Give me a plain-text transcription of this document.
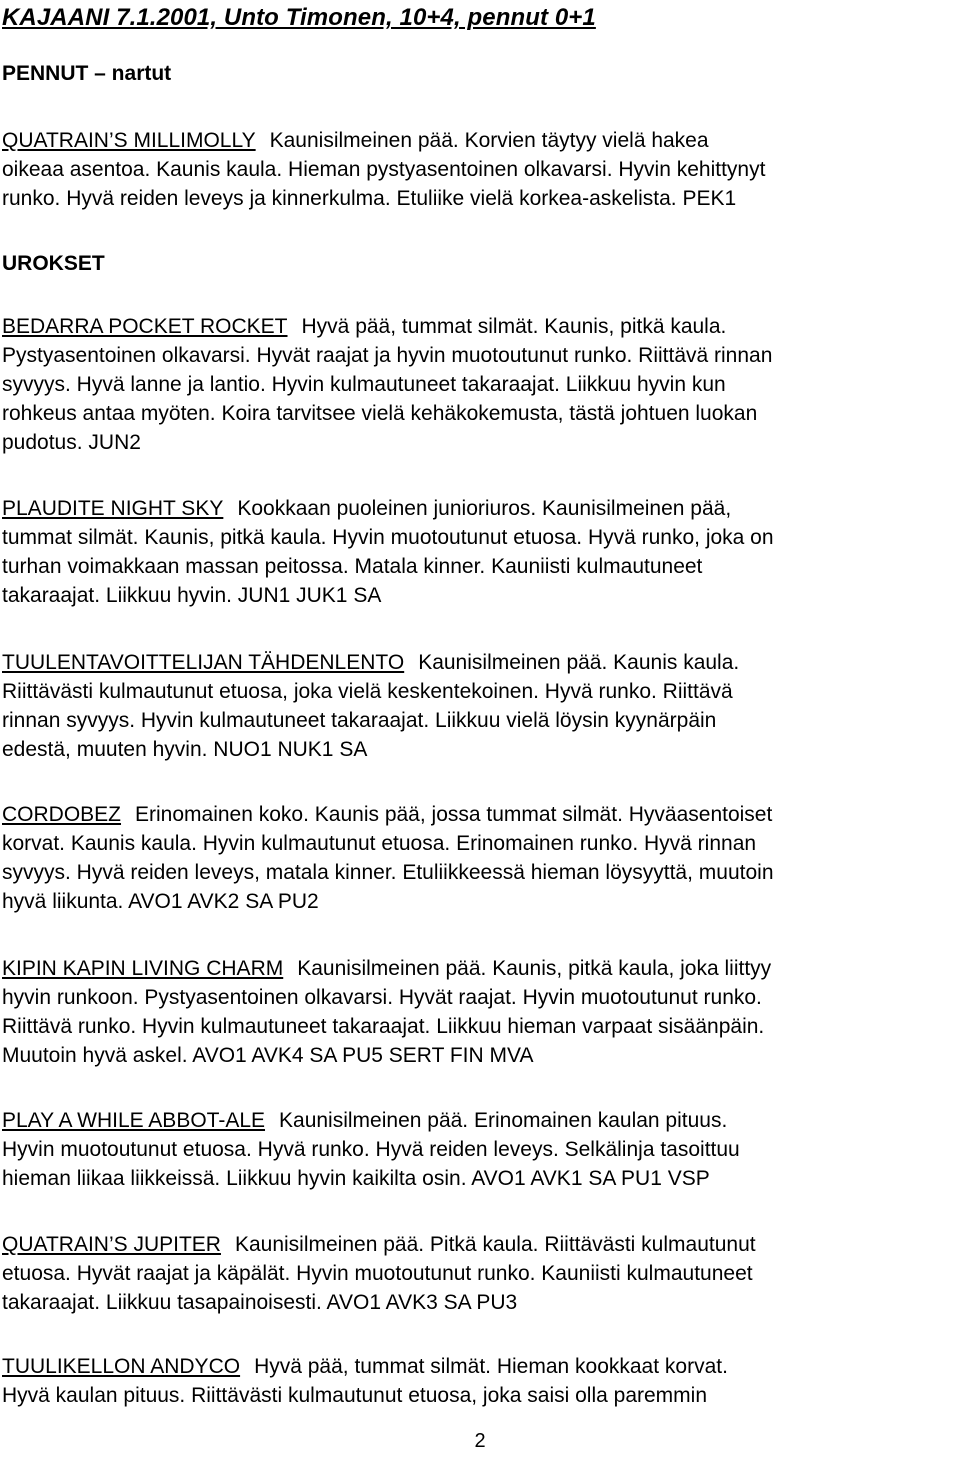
KAJAANI 7.1.2001, Unto Timonen, 10+4, pennut 0+1
PENNUT – nartut
QUATRAIN’S MILLIMOLLY Kaunisilmeinen pää. Korvien täytyy vielä hakea
oikeaa asentoa. Kaunis kaula. Hieman pystyasentoinen olkavarsi. Hyvin kehittynyt
runko. Hyvä reiden leveys ja kinnerkulma. Etuliike vielä korkea-askelista. PEK1
UROKSET
BEDARRA POCKET ROCKET Hyvä pää, tummat silmät. Kaunis, pitkä kaula.
Pystyasentoinen olkavarsi. Hyvät raajat ja hyvin muotoutunut runko. Riittävä rinnan
syvyys. Hyvä lanne ja lantio. Hyvin kulmautuneet takaraajat. Liikkuu hyvin kun
rohkeus antaa myöten. Koira tarvitsee vielä kehäkokemusta, tästä johtuen luokan
pudotus. JUN2
PLAUDITE NIGHT SKY Kookkaan puoleinen junioriuros. Kaunisilmeinen pää,
tummat silmät. Kaunis, pitkä kaula. Hyvin muotoutunut etuosa. Hyvä runko, joka on
turhan voimakkaan massan peitossa. Matala kinner. Kauniisti kulmautuneet
takaraajat. Liikkuu hyvin. JUN1 JUK1 SA
TUULENTAVOITTELIJAN TÄHDENLENTO Kaunisilmeinen pää. Kaunis kaula.
Riittävästi kulmautunut etuosa, joka vielä keskentekoinen. Hyvä runko. Riittävä
rinnan syvyys. Hyvin kulmautuneet takaraajat. Liikkuu vielä löysin kyynärpäin
edestä, muuten hyvin. NUO1 NUK1 SA
CORDOBEZ Erinomainen koko. Kaunis pää, jossa tummat silmät. Hyväasentoiset
korvat. Kaunis kaula. Hyvin kulmautunut etuosa. Erinomainen runko. Hyvä rinnan
syvyys. Hyvä reiden leveys, matala kinner. Etuliikkeessä hieman löysyyttä, muutoin
hyvä liikunta. AVO1 AVK2 SA PU2
KIPIN KAPIN LIVING CHARM Kaunisilmeinen pää. Kaunis, pitkä kaula, joka liittyy
hyvin runkoon. Pystyasentoinen olkavarsi. Hyvät raajat. Hyvin muotoutunut runko.
Riittävä runko. Hyvin kulmautuneet takaraajat. Liikkuu hieman varpaat sisäänpäin.
Muutoin hyvä askel. AVO1 AVK4 SA PU5 SERT FIN MVA
PLAY A WHILE ABBOT-ALE Kaunisilmeinen pää. Erinomainen kaulan pituus.
Hyvin muotoutunut etuosa. Hyvä runko. Hyvä reiden leveys. Selkälinja tasoittuu
hieman liikaa liikkeissä. Liikkuu hyvin kaikilta osin. AVO1 AVK1 SA PU1 VSP
QUATRAIN’S JUPITER Kaunisilmeinen pää. Pitkä kaula. Riittävästi kulmautunut
etuosa. Hyvät raajat ja käpälät. Hyvin muotoutunut runko. Kauniisti kulmautuneet
takaraajat. Liikkuu tasapainoisesti. AVO1 AVK3 SA PU3
TUULIKELLON ANDYCO Hyvä pää, tummat silmät. Hieman kookkaat korvat.
Hyvä kaulan pituus. Riittävästi kulmautunut etuosa, joka saisi olla paremmin
2
